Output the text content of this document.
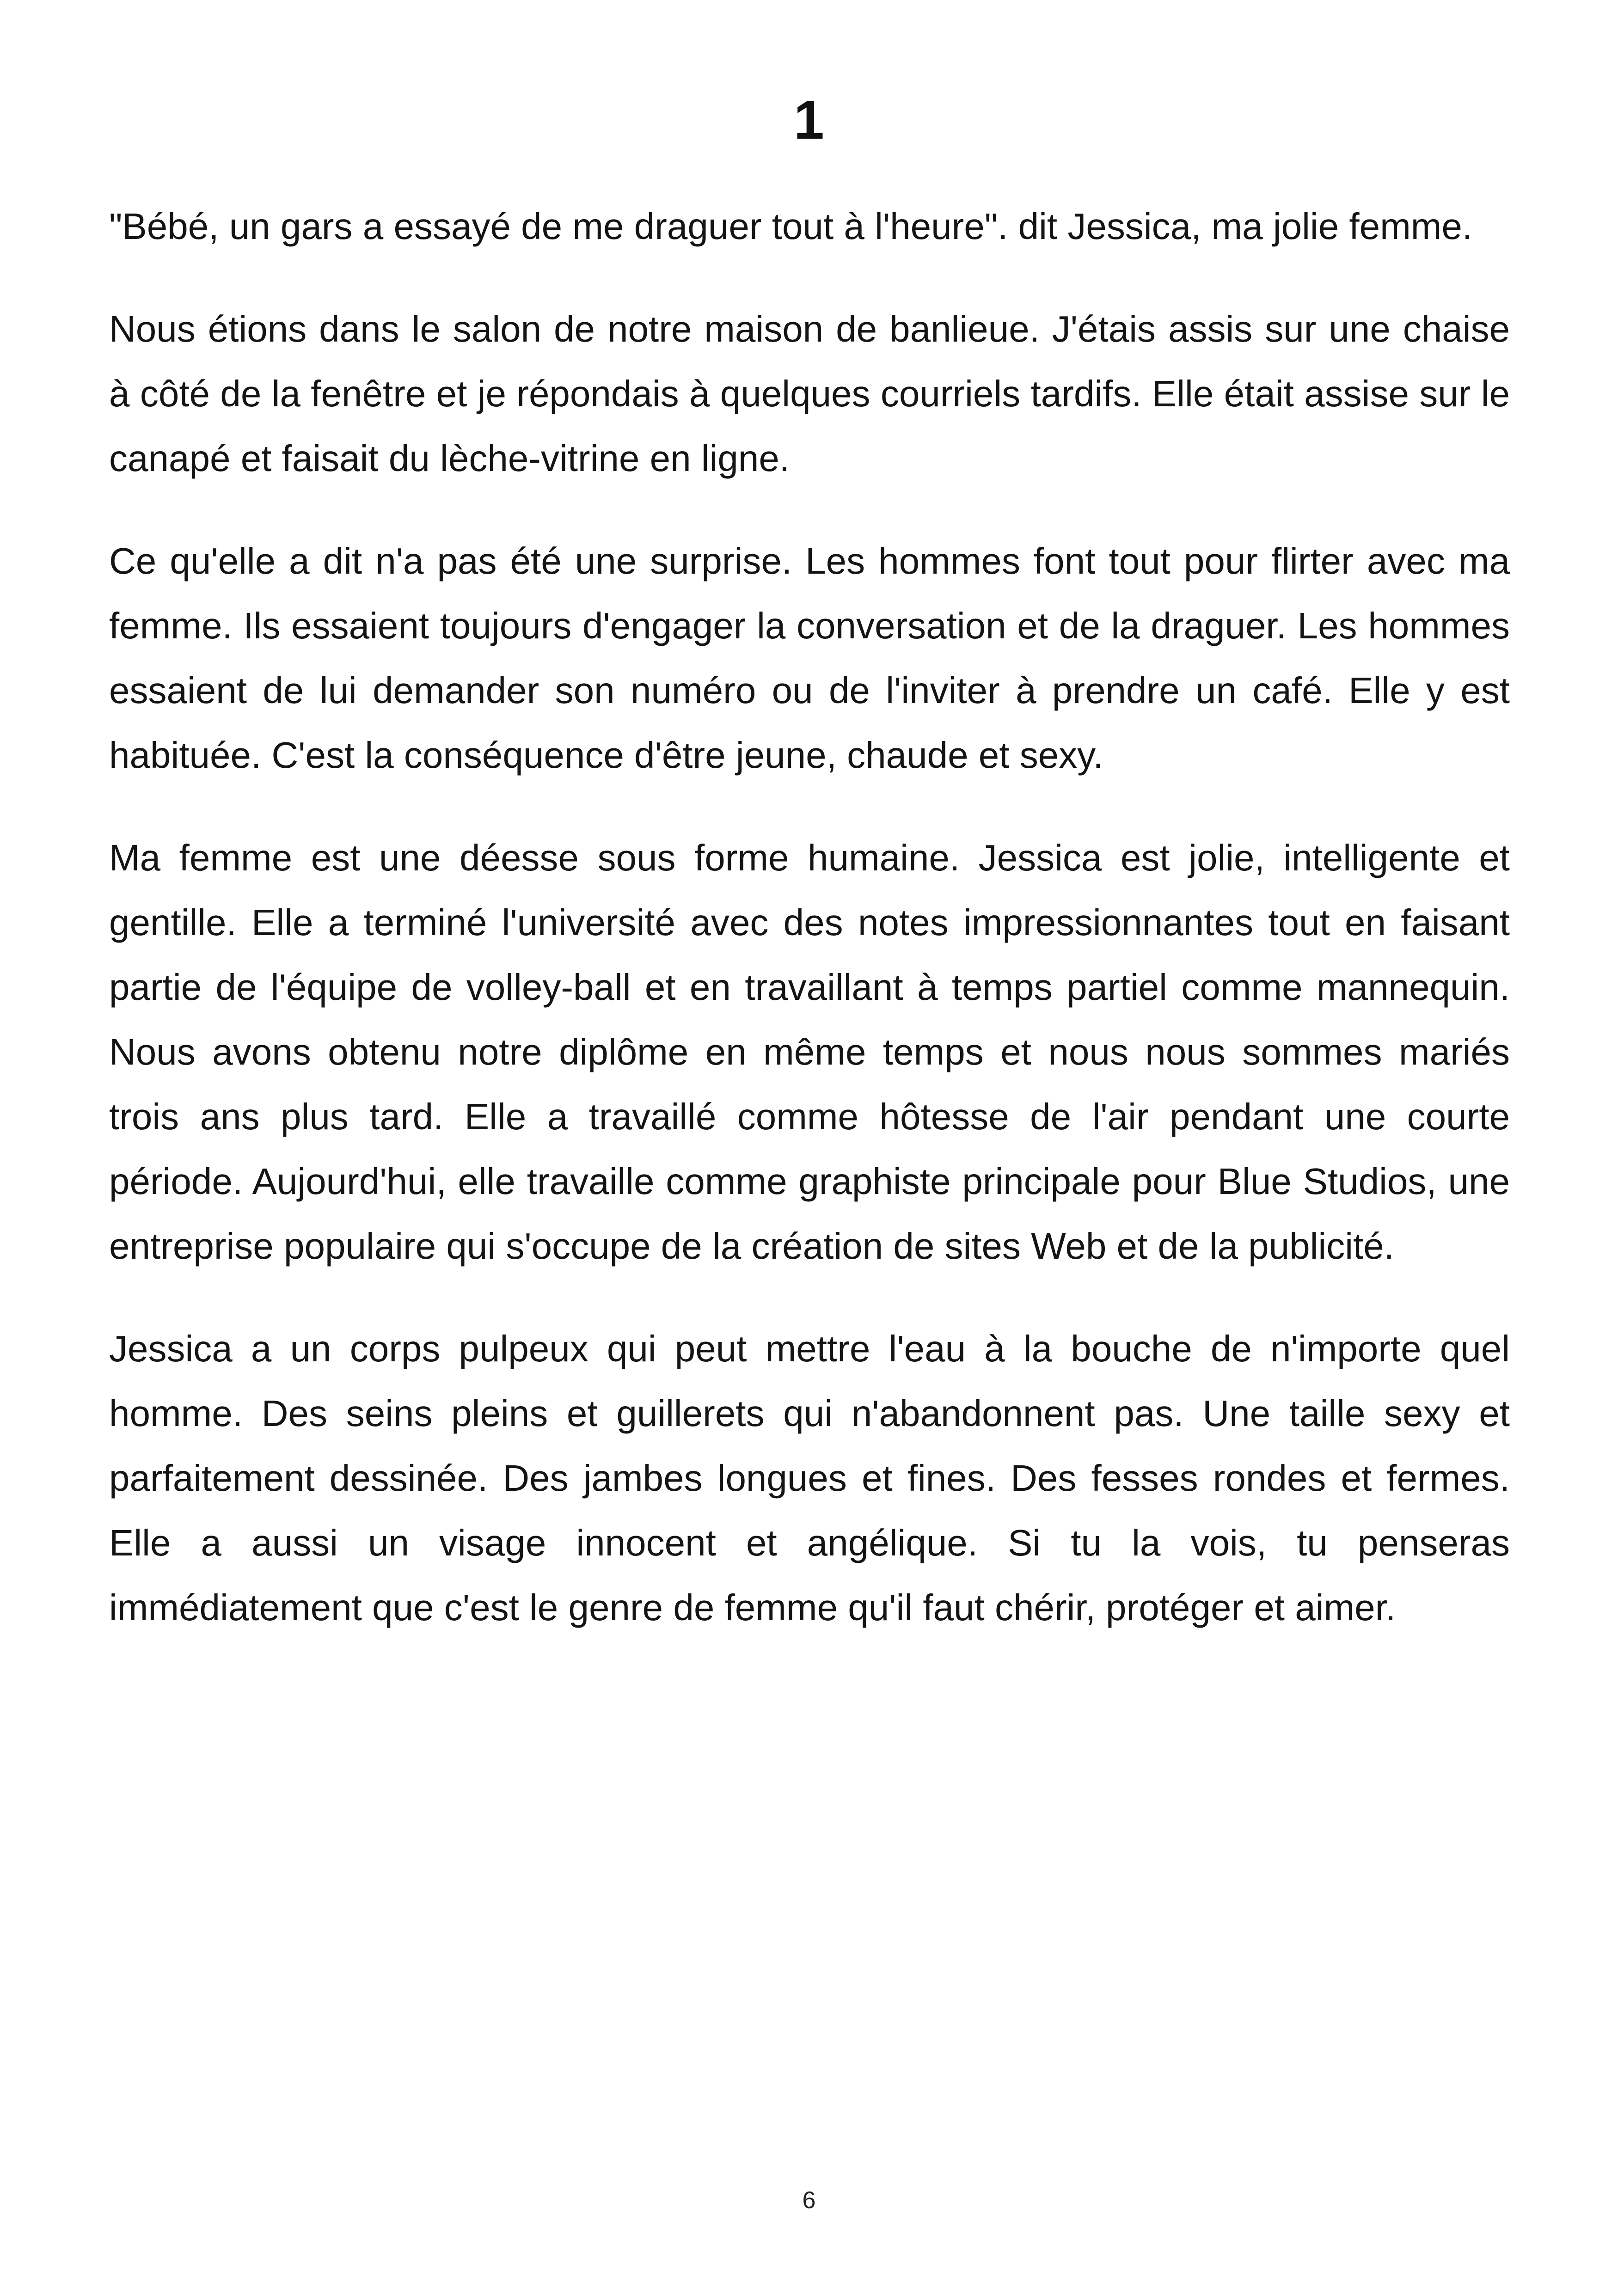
1

"Bébé, un gars a essayé de me draguer tout à l'heure". dit Jessica, ma jolie femme.

Nous étions dans le salon de notre maison de banlieue. J'étais assis sur une chaise à côté de la fenêtre et je répondais à quelques courriels tardifs. Elle était assise sur le canapé et faisait du lèche-vitrine en ligne.

Ce qu'elle a dit n'a pas été une surprise. Les hommes font tout pour flirter avec ma femme. Ils essaient toujours d'engager la conversation et de la draguer. Les hommes essaient de lui demander son numéro ou de l'inviter à prendre un café. Elle y est habituée. C'est la conséquence d'être jeune, chaude et sexy.

Ma femme est une déesse sous forme humaine. Jessica est jolie, intelligente et gentille. Elle a terminé l'université avec des notes impressionnantes tout en faisant partie de l'équipe de volley-ball et en travaillant à temps partiel comme mannequin. Nous avons obtenu notre diplôme en même temps et nous nous sommes mariés trois ans plus tard. Elle a travaillé comme hôtesse de l'air pendant une courte période. Aujourd'hui, elle travaille comme graphiste principale pour Blue Studios, une entreprise populaire qui s'occupe de la création de sites Web et de la publicité.

Jessica a un corps pulpeux qui peut mettre l'eau à la bouche de n'importe quel homme. Des seins pleins et guillerets qui n'abandonnent pas. Une taille sexy et parfaitement dessinée. Des jambes longues et fines. Des fesses rondes et fermes. Elle a aussi un visage innocent et angélique. Si tu la vois, tu penseras immédiatement que c'est le genre de femme qu'il faut chérir, protéger et aimer.

6
